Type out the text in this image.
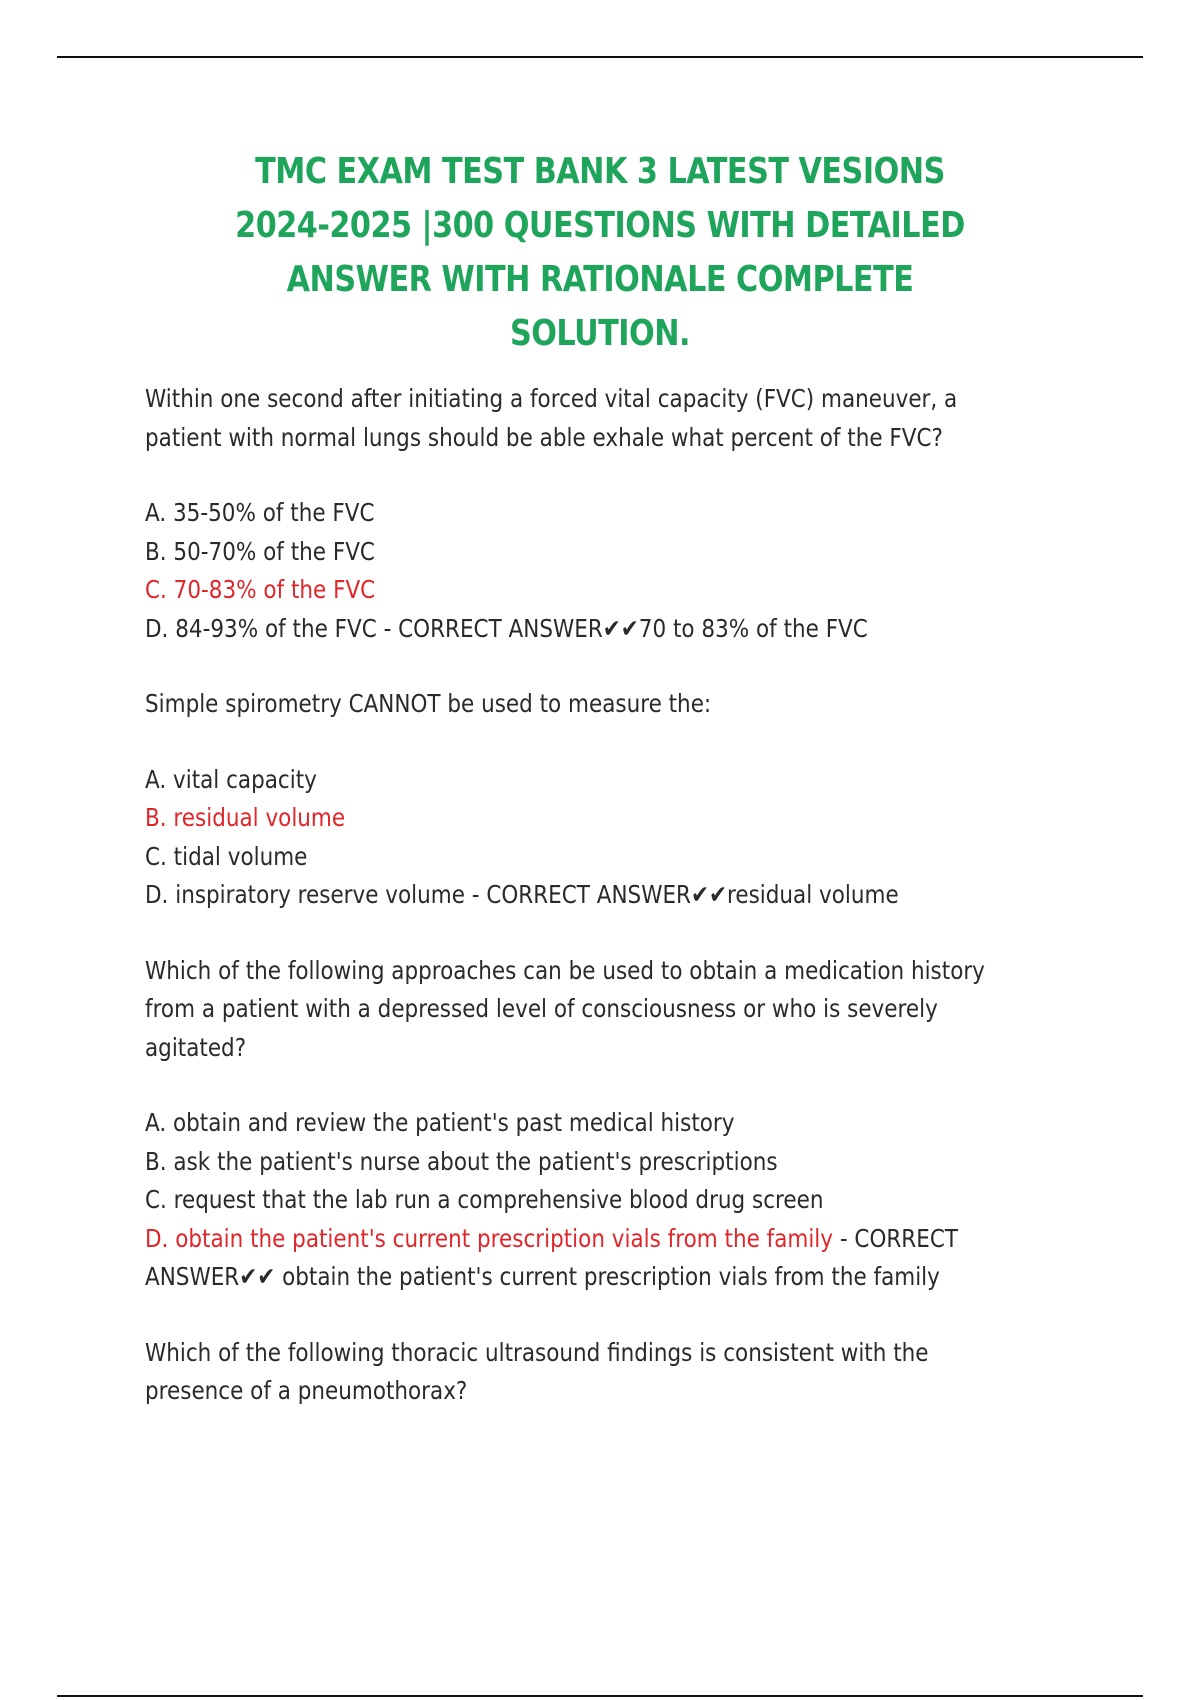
TMC EXAM TEST BANK 3 LATEST VESIONS 2024-2025 |300 QUESTIONS WITH DETAILED ANSWER WITH RATIONALE COMPLETE SOLUTION.

Within one second after initiating a forced vital capacity (FVC) maneuver, a patient with normal lungs should be able exhale what percent of the FVC?

A. 35-50% of the FVC
B. 50-70% of the FVC
C. 70-83% of the FVC
D. 84-93% of the FVC - CORRECT ANSWER✔✔70 to 83% of the FVC

Simple spirometry CANNOT be used to measure the:

A. vital capacity
B. residual volume
C. tidal volume
D. inspiratory reserve volume - CORRECT ANSWER✔✔residual volume

Which of the following approaches can be used to obtain a medication history from a patient with a depressed level of consciousness or who is severely agitated?

A. obtain and review the patient's past medical history
B. ask the patient's nurse about the patient's prescriptions
C. request that the lab run a comprehensive blood drug screen

D. obtain the patient's current prescription vials from the family - CORRECT ANSWER✔✔ obtain the patient's current prescription vials from the family

Which of the following thoracic ultrasound findings is consistent with the presence of a pneumothorax?
